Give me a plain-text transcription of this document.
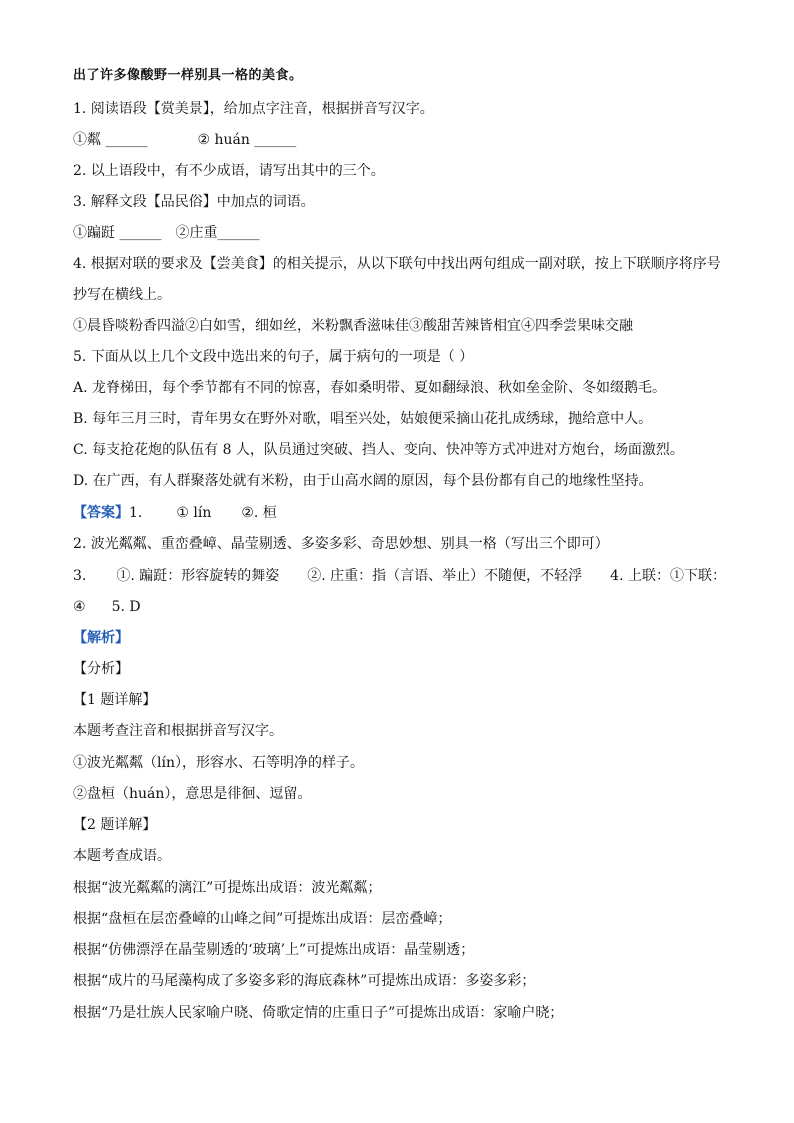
出了许多像酸野一样别具一格的美食。
1. 阅读语段【赏美景】，给加点字注音，根据拼音写汉字。
①粼 ______	② huán ______
2. 以上语段中，有不少成语，请写出其中的三个。
3. 解释文段【品民俗】中加点的词语。
①蹁跹 ______ ②庄重______
4. 根据对联的要求及【尝美食】的相关提示，从以下联句中找出两句组成一副对联，按上下联顺序将序号
抄写在横线上。
①晨昏啖粉香四溢②白如雪，细如丝，米粉飘香滋味佳③酸甜苦辣皆相宜④四季尝果味交融
5. 下面从以上几个文段中选出来的句子，属于病句的一项是（ ）
A. 龙脊梯田，每个季节都有不同的惊喜，春如桑明带、夏如翻绿浪、秋如垒金阶、冬如缀鹅毛。
B. 每年三月三时，青年男女在野外对歌，唱至兴处，姑娘便采摘山花扎成绣球，抛给意中人。
C. 每支抢花炮的队伍有 8 人，队员通过突破、挡人、变向、快冲等方式冲进对方炮台，场面激烈。
D. 在广西，有人群聚落处就有米粉，由于山高水阔的原因，每个县份都有自己的地缘性坚持。
【答案】1. ① lín ②. 桓
2. 波光粼粼、重峦叠嶂、晶莹剔透、多姿多彩、奇思妙想、别具一格（写出三个即可）
3. ①. 蹁跹：形容旋转的舞姿 ②. 庄重：指（言语、举止）不随便，不轻浮 4. 上联：①下联：
④ 5. D
【解析】
【分析】
【1 题详解】
本题考查注音和根据拼音写汉字。
①波光粼粼（lín），形容水、石等明净的样子。
②盘桓（huán），意思是徘徊、逗留。
【2 题详解】
本题考查成语。
根据“波光粼粼的漓江”可提炼出成语：波光粼粼；
根据“盘桓在层峦叠嶂的山峰之间”可提炼出成语：层峦叠嶂；
根据“仿佛漂浮在晶莹剔透的‘玻璃’上”可提炼出成语：晶莹剔透；
根据“成片的马尾藻构成了多姿多彩的海底森林”可提炼出成语：多姿多彩；
根据“乃是壮族人民家喻户晓、倚歌定情的庄重日子”可提炼出成语：家喻户晓；
